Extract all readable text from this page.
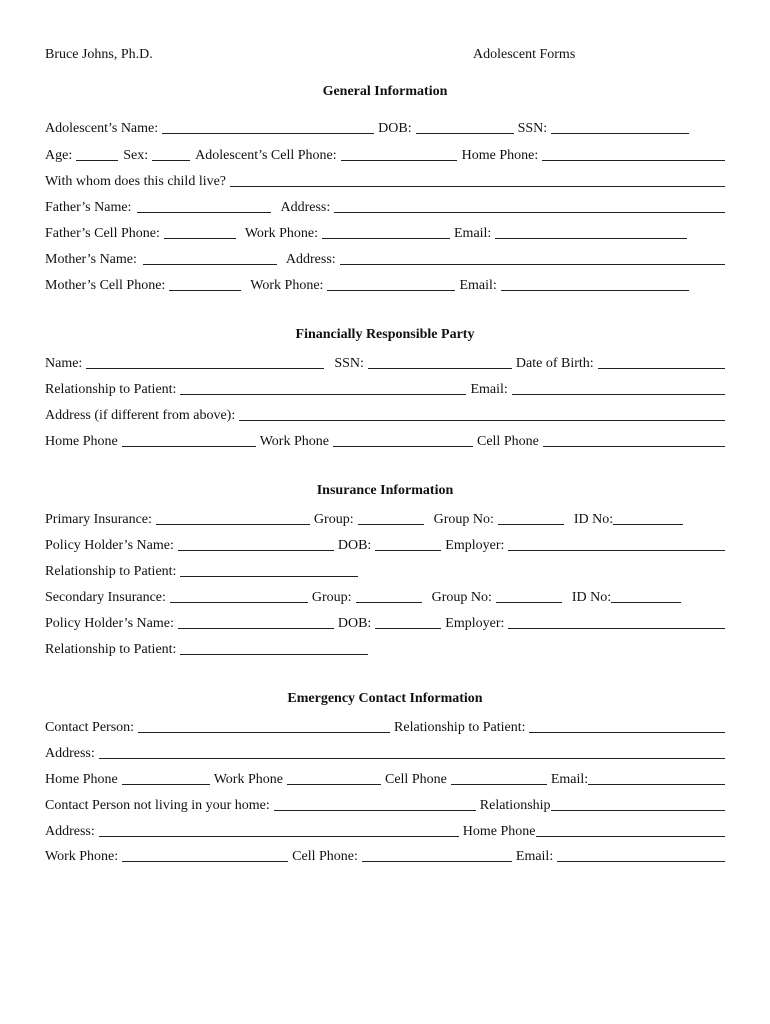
Bruce Johns, Ph.D.	Adolescent Forms
General Information
Adolescent’s Name:	DOB:	SSN:
Age:	Sex:	Adolescent’s Cell Phone:	Home Phone:
With whom does this child live?
Father’s Name:	Address:
Father’s Cell Phone:	Work Phone:	Email:
Mother’s Name:	Address:
Mother’s Cell Phone:	Work Phone:	Email:
Financially Responsible Party
Name:	SSN:	Date of Birth:
Relationship to Patient:	Email:
Address (if different from above):
Home Phone	Work Phone	Cell Phone
Insurance Information
Primary Insurance:	Group:	Group No:	ID No:
Policy Holder’s Name:	DOB:	Employer:
Relationship to Patient:
Secondary Insurance:	Group:	Group No:	ID No:
Policy Holder’s Name:	DOB:	Employer:
Relationship to Patient:
Emergency Contact Information
Contact Person:	Relationship to Patient:
Address:
Home Phone	Work Phone	Cell Phone	Email:
Contact Person not living in your home:	Relationship
Address:	Home Phone
Work Phone:	Cell Phone:	Email:
